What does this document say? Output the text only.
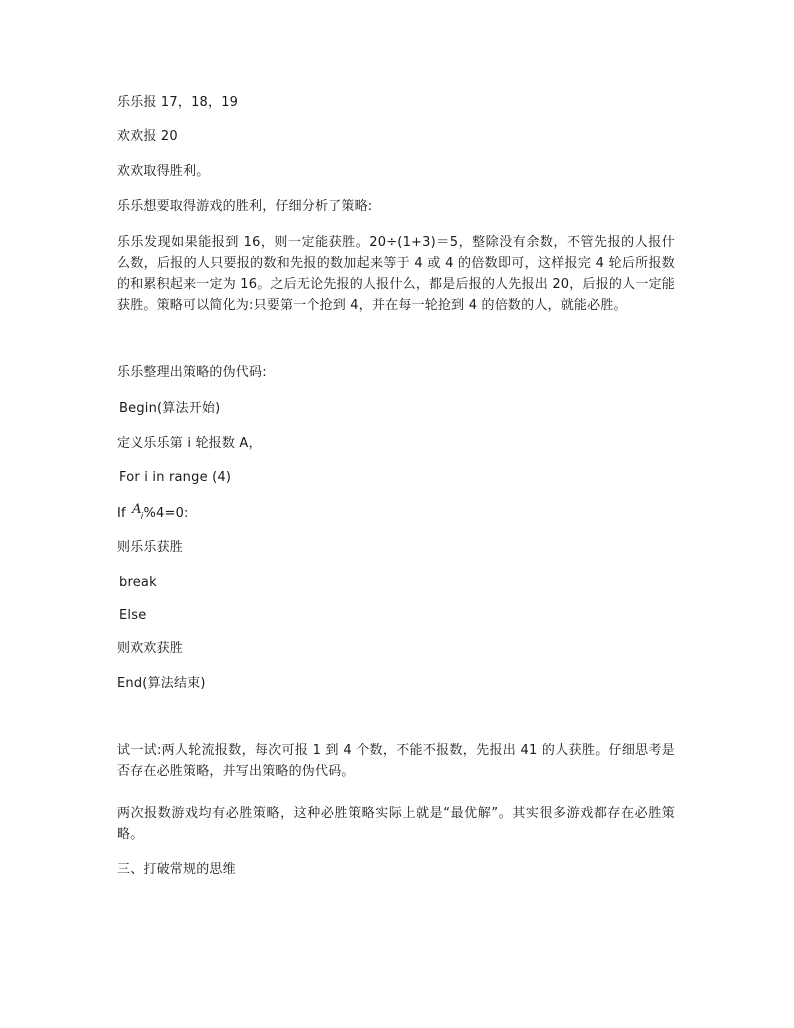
乐乐报 17，18，19
欢欢报 20
欢欢取得胜利。
乐乐想要取得游戏的胜利，仔细分析了策略:
乐乐发现如果能报到 16，则一定能获胜。20÷(1+3)＝5，整除没有余数，不管先报的人报什么数，后报的人只要报的数和先报的数加起来等于 4 或 4 的倍数即可，这样报完 4 轮后所报数的和累积起来一定为 16。之后无论先报的人报什么，都是后报的人先报出 20，后报的人一定能获胜。策略可以简化为:只要第一个抢到 4，并在每一轮抢到 4 的倍数的人，就能必胜。
乐乐整理出策略的伪代码:
Begin(算法开始)
定义乐乐第 i 轮报数 A，
For i in range (4)
If $A_i\%4=0$:
则乐乐获胜
break
Else
则欢欢获胜
End(算法结束)
试一试:两人轮流报数，每次可报 1 到 4 个数，不能不报数，先报出 41 的人获胜。仔细思考是否存在必胜策略，并写出策略的伪代码。
两次报数游戏均有必胜策略，这种必胜策略实际上就是“最优解”。其实很多游戏都存在必胜策略。
三、打破常规的思维
